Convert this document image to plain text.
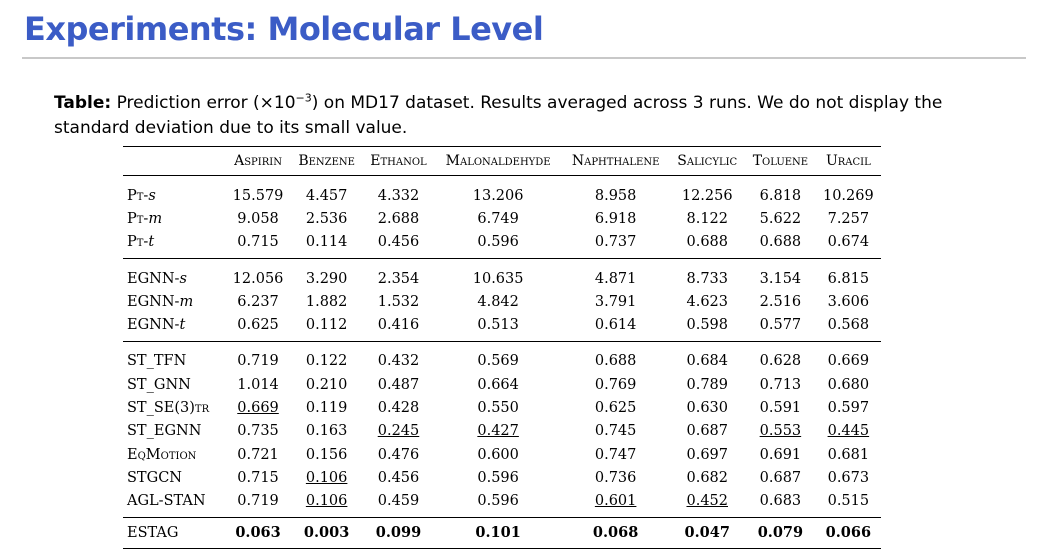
Experiments: Molecular Level
Table: Prediction error $(\times 10^{-3})$ on MD17 dataset. Results averaged across 3 runs. We do not display the standard deviation due to its small value.
	Aspirin	Benzene	Ethanol	Malonaldehyde	Naphthalene	Salicylic	Toluene	Uracil
Pt-s	15.579	4.457	4.332	13.206	8.958	12.256	6.818	10.269
Pt-m	9.058	2.536	2.688	6.749	6.918	8.122	5.622	7.257
Pt-t	0.715	0.114	0.456	0.596	0.737	0.688	0.688	0.674
EGNN-s	12.056	3.290	2.354	10.635	4.871	8.733	3.154	6.815
EGNN-m	6.237	1.882	1.532	4.842	3.791	4.623	2.516	3.606
EGNN-t	0.625	0.112	0.416	0.513	0.614	0.598	0.577	0.568
ST_TFN	0.719	0.122	0.432	0.569	0.688	0.684	0.628	0.669
ST_GNN	1.014	0.210	0.487	0.664	0.769	0.789	0.713	0.680
ST_SE(3)tr	0.669	0.119	0.428	0.550	0.625	0.630	0.591	0.597
ST_EGNN	0.735	0.163	0.245	0.427	0.745	0.687	0.553	0.445
EqMotion	0.721	0.156	0.476	0.600	0.747	0.697	0.691	0.681
STGCN	0.715	0.106	0.456	0.596	0.736	0.682	0.687	0.673
AGL-STAN	0.719	0.106	0.459	0.596	0.601	0.452	0.683	0.515
ESTAG	0.063	0.003	0.099	0.101	0.068	0.047	0.079	0.066
